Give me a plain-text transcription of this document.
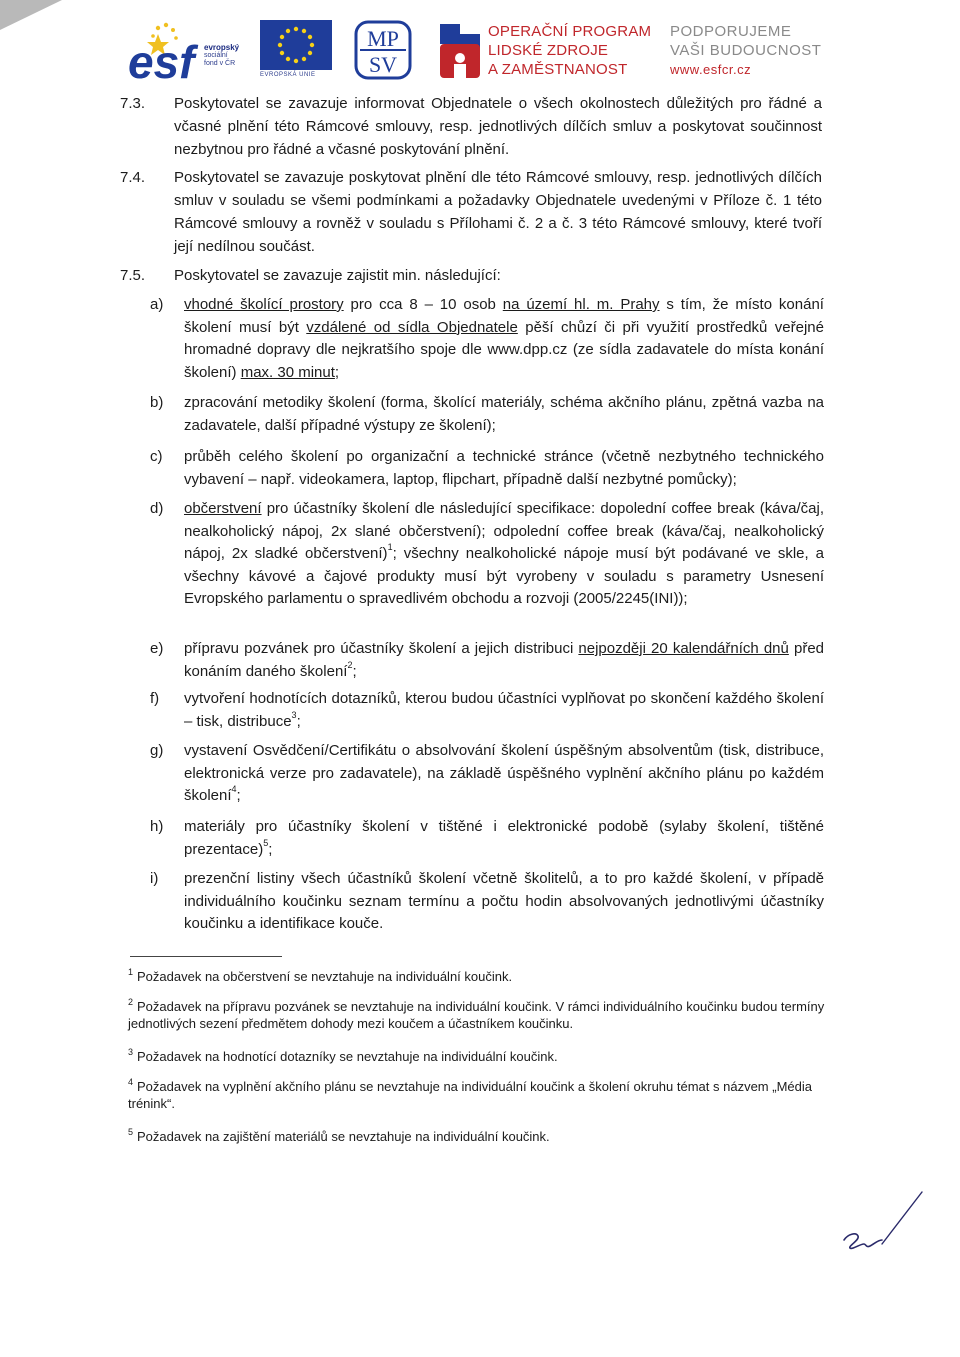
esf	evropský
sociální
fond v ČR
EVROPSKÁ UNIE
MP
SV
OPERAČNÍ PROGRAM
LIDSKÉ ZDROJE
A ZAMĚSTNANOST
PODPORUJEME
VAŠI BUDOUCNOST
www.esfcr.cz
7.3. Poskytovatel se zavazuje informovat Objednatele o všech okolnostech důležitých pro řádné a včasné plnění této Rámcové smlouvy, resp. jednotlivých dílčích smluv a poskytovat součinnost nezbytnou pro řádné a včasné poskytování plnění.
7.4. Poskytovatel se zavazuje poskytovat plnění dle této Rámcové smlouvy, resp. jednotlivých dílčích smluv v souladu se všemi podmínkami a požadavky Objednatele uvedenými v Příloze č. 1 této Rámcové smlouvy a rovněž v souladu s Přílohami č. 2 a č. 3 této Rámcové smlouvy, které tvoří její nedílnou součást.
7.5. Poskytovatel se zavazuje zajistit min. následující:
a) vhodné školící prostory pro cca 8 – 10 osob na území hl. m. Prahy s tím, že místo konání školení musí být vzdálené od sídla Objednatele pěší chůzí či při využití prostředků veřejné hromadné dopravy dle nejkratšího spoje dle www.dpp.cz (ze sídla zadavatele do místa konání školení) max. 30 minut;
b) zpracování metodiky školení (forma, školící materiály, schéma akčního plánu, zpětná vazba na zadavatele, další případné výstupy ze školení);
c) průběh celého školení po organizační a technické stránce (včetně nezbytného technického vybavení – např. videokamera, laptop, flipchart, případně další nezbytné pomůcky);
d) občerstvení pro účastníky školení dle následující specifikace: dopolední coffee break (káva/čaj, nealkoholický nápoj, 2x slané občerstvení); odpolední coffee break (káva/čaj, nealkoholický nápoj, 2x sladké občerstvení)$^1$; všechny nealkoholické nápoje musí být podávané ve skle, a všechny kávové a čajové produkty musí být vyrobeny v souladu s parametry Usnesení Evropského parlamentu o spravedlivém obchodu a rozvoji (2005/2245(INI));
e) přípravu pozvánek pro účastníky školení a jejich distribuci nejpozději 20 kalendářních dnů před konáním daného školení$^2$;
f) vytvoření hodnotících dotazníků, kterou budou účastníci vyplňovat po skončení každého školení – tisk, distribuce$^3$;
g) vystavení Osvědčení/Certifikátu o absolvování školení úspěšným absolventům (tisk, distribuce, elektronická verze pro zadavatele), na základě úspěšného vyplnění akčního plánu po každém školení$^4$;
h) materiály pro účastníky školení v tištěné i elektronické podobě (sylaby školení, tištěné prezentace)$^5$;
i) prezenční listiny všech účastníků školení včetně školitelů, a to pro každé školení, v případě individuálního koučinku seznam termínu a počtu hodin absolvovaných jednotlivými účastníky koučinku a identifikace kouče.
$^1$ Požadavek na občerstvení se nevztahuje na individuální koučink.
$^2$ Požadavek na přípravu pozvánek se nevztahuje na individuální koučink. V rámci individuálního koučinku budou termíny jednotlivých sezení předmětem dohody mezi koučem a účastníkem koučinku.
$^3$ Požadavek na hodnotící dotazníky se nevztahuje na individuální koučink.
$^4$ Požadavek na vyplnění akčního plánu se nevztahuje na individuální koučink a školení okruhu témat s názvem „Média trénink“.
$^5$ Požadavek na zajištění materiálů se nevztahuje na individuální koučink.
